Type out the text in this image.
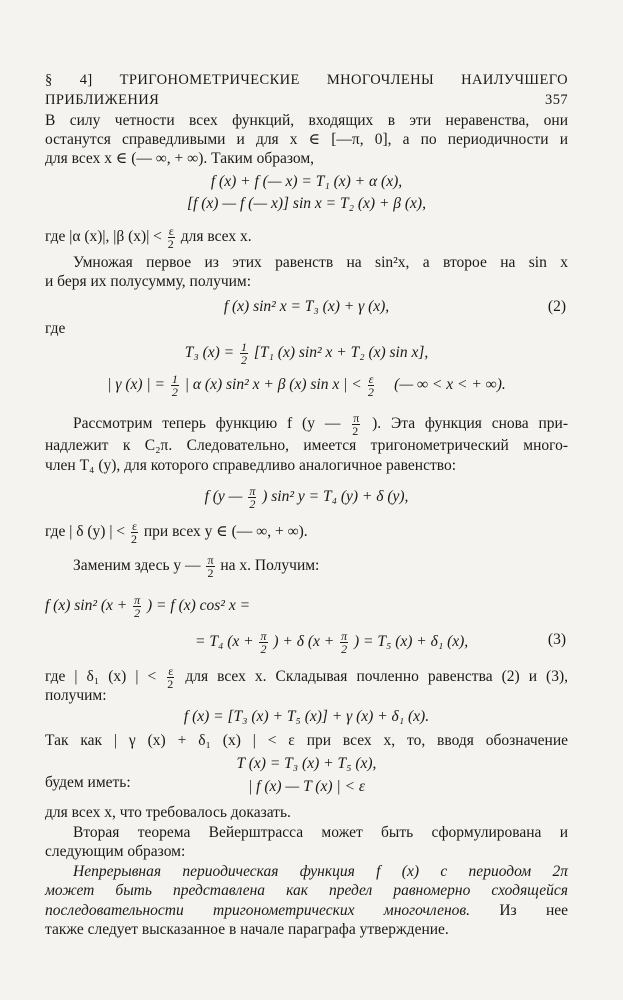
§ 4] ТРИГОНОМЕТРИЧЕСКИЕ МНОГОЧЛЕНЫ НАИЛУЧШЕГО ПРИБЛИЖЕНИЯ	357

В силу четности всех функций, входящих в эти неравенства, они

останутся справедливыми и для x ∈ [—π, 0], а по периодичности и

для всех x ∈ (— ∞, + ∞). Таким образом,

f (x) + f (— x) = T₁ (x) + α (x),

[f (x) — f (— x)] sin x = T₂ (x) + β (x),

где |α (x)|, |β $(x)| < \frac{\varepsilon}{2}$ для всех x.

Умножая первое из этих равенств на sin²x, а второе на sin x

и беря их полусумму, получим:

f (x) sin² x = T₃ (x) + γ (x),	(2)

где

T₃ $(x) = \frac{1}{2} [T_1$ (x) sin² x + T₂ (x) sin x],

| γ (x) | = $\frac{1}{2}$ | α (x) sin² x + β (x) sin x | < $\frac{\varepsilon}{2}$ (— ∞ < x < + ∞).

Рассмотрим теперь функцию f (y — $\frac{\pi}{2}$ ). Эта функция снова при-

надлежит к C₂π. Следовательно, имеется тригонометрический много-

член T₄ (y), для которого справедливо аналогичное равенство:

f (y — $\frac{\pi}{2}$ ) sin² y = T₄ (y) + δ (y),

где | δ (y) | < $\frac{\varepsilon}{2}$ при всех y ∈ (— ∞, + ∞).

Заменим здесь y — $\frac{\pi}{2}$ на x. Получим:

f (x) sin² ($x + \frac{\pi}{2}$ ) = f (x) cos² x =

= T₄ ($x + \frac{\pi}{2}$ ) + δ ($x + \frac{\pi}{2}$ ) = T₅ (x) + δ₁ (x),	(3)

где | δ₁ (x) | < $\frac{\varepsilon}{2}$ для всех x. Складывая почленно равенства (2) и (3),

получим:

f (x) = [T₃ (x) + T₅ (x)] + γ (x) + δ₁ (x).

Так как | γ (x) + δ₁ (x) | < ε при всех x, то, вводя обозначение

T (x) = T₃ (x) + T₅ (x),

будем иметь:	| f (x) — T (x) | < ε

для всех x, что требовалось доказать.

Вторая теорема Вейерштрасса может быть сформулирована и

следующим образом:

Непрерывная периодическая функция f (x) с периодом 2π

может быть представлена как предел равномерно сходящейся

последовательности тригонометрических многочленов. Из нее

также следует высказанное в начале параграфа утверждение.
